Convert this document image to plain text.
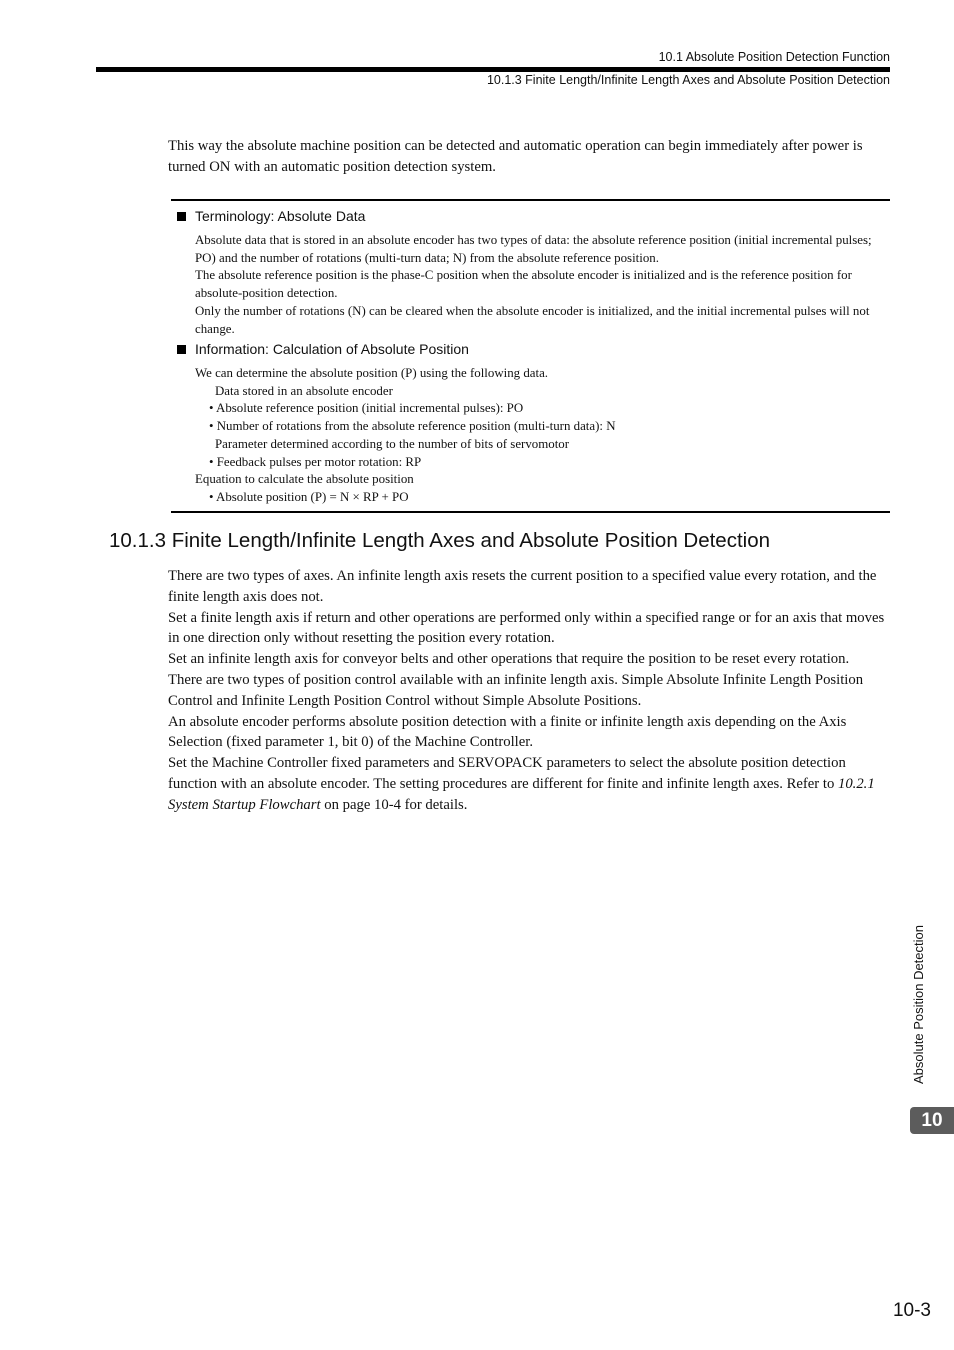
10.1 Absolute Position Detection Function
10.1.3 Finite Length/Infinite Length Axes and Absolute Position Detection

This way the absolute machine position can be detected and automatic operation can begin immediately after power is turned ON with an automatic position detection system.

Terminology: Absolute Data

Absolute data that is stored in an absolute encoder has two types of data: the absolute reference position (initial incremental pulses; PO) and the number of rotations (multi-turn data; N) from the absolute reference position.

The absolute reference position is the phase-C position when the absolute encoder is initialized and is the reference position for absolute-position detection.

Only the number of rotations (N) can be cleared when the absolute encoder is initialized, and the initial incremental pulses will not change.

Information: Calculation of Absolute Position

We can determine the absolute position (P) using the following data.

Data stored in an absolute encoder

• Absolute reference position (initial incremental pulses): PO

• Number of rotations from the absolute reference position (multi-turn data): N

Parameter determined according to the number of bits of servomotor

• Feedback pulses per motor rotation: RP

Equation to calculate the absolute position

• Absolute position (P) = N × RP + PO

10.1.3 Finite Length/Infinite Length Axes and Absolute Position Detection

There are two types of axes. An infinite length axis resets the current position to a specified value every rotation, and the finite length axis does not.

Set a finite length axis if return and other operations are performed only within a specified range or for an axis that moves in one direction only without resetting the position every rotation.

Set an infinite length axis for conveyor belts and other operations that require the position to be reset every rotation.

There are two types of position control available with an infinite length axis. Simple Absolute Infinite Length Position Control and Infinite Length Position Control without Simple Absolute Positions.

An absolute encoder performs absolute position detection with a finite or infinite length axis depending on the Axis Selection (fixed parameter 1, bit 0) of the Machine Controller.

Set the Machine Controller fixed parameters and SERVOPACK parameters to select the absolute position detection function with an absolute encoder. The setting procedures are different for finite and infinite length axes. Refer to 10.2.1 System Startup Flowchart on page 10-4 for details.

Absolute Position Detection
10
10-3
